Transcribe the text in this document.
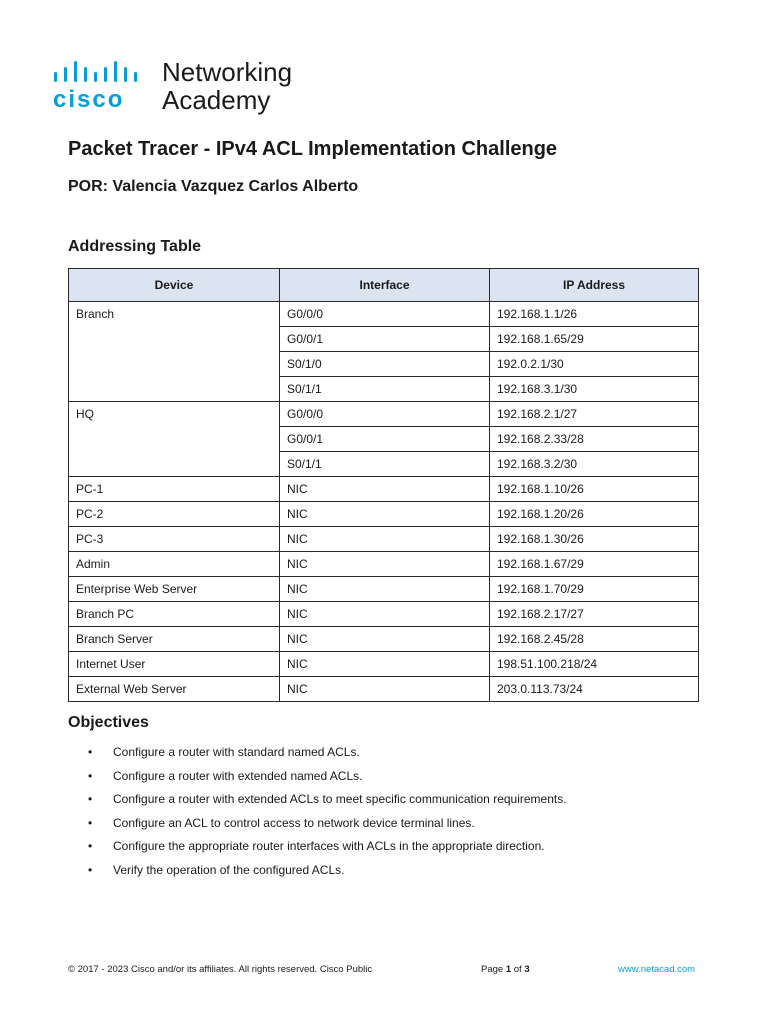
cisco
Networking
Academy
Packet Tracer - IPv4 ACL Implementation Challenge
POR: Valencia Vazquez Carlos Alberto
Addressing Table
Device	Interface	IP Address
Branch	G0/0/0	192.168.1.1/26
	G0/0/1	192.168.1.65/29
	S0/1/0	192.0.2.1/30
	S0/1/1	192.168.3.1/30
HQ	G0/0/0	192.168.2.1/27
	G0/0/1	192.168.2.33/28
	S0/1/1	192.168.3.2/30
PC-1	NIC	192.168.1.10/26
PC-2	NIC	192.168.1.20/26
PC-3	NIC	192.168.1.30/26
Admin	NIC	192.168.1.67/29
Enterprise Web Server	NIC	192.168.1.70/29
Branch PC	NIC	192.168.2.17/27
Branch Server	NIC	192.168.2.45/28
Internet User	NIC	198.51.100.218/24
External Web Server	NIC	203.0.113.73/24
Objectives
• Configure a router with standard named ACLs.
• Configure a router with extended named ACLs.
• Configure a router with extended ACLs to meet specific communication requirements.
• Configure an ACL to control access to network device terminal lines.
• Configure the appropriate router interfaces with ACLs in the appropriate direction.
• Verify the operation of the configured ACLs.
© 2017 - 2023 Cisco and/or its affiliates. All rights reserved. Cisco Public	Page 1 of 3	www.netacad.com
